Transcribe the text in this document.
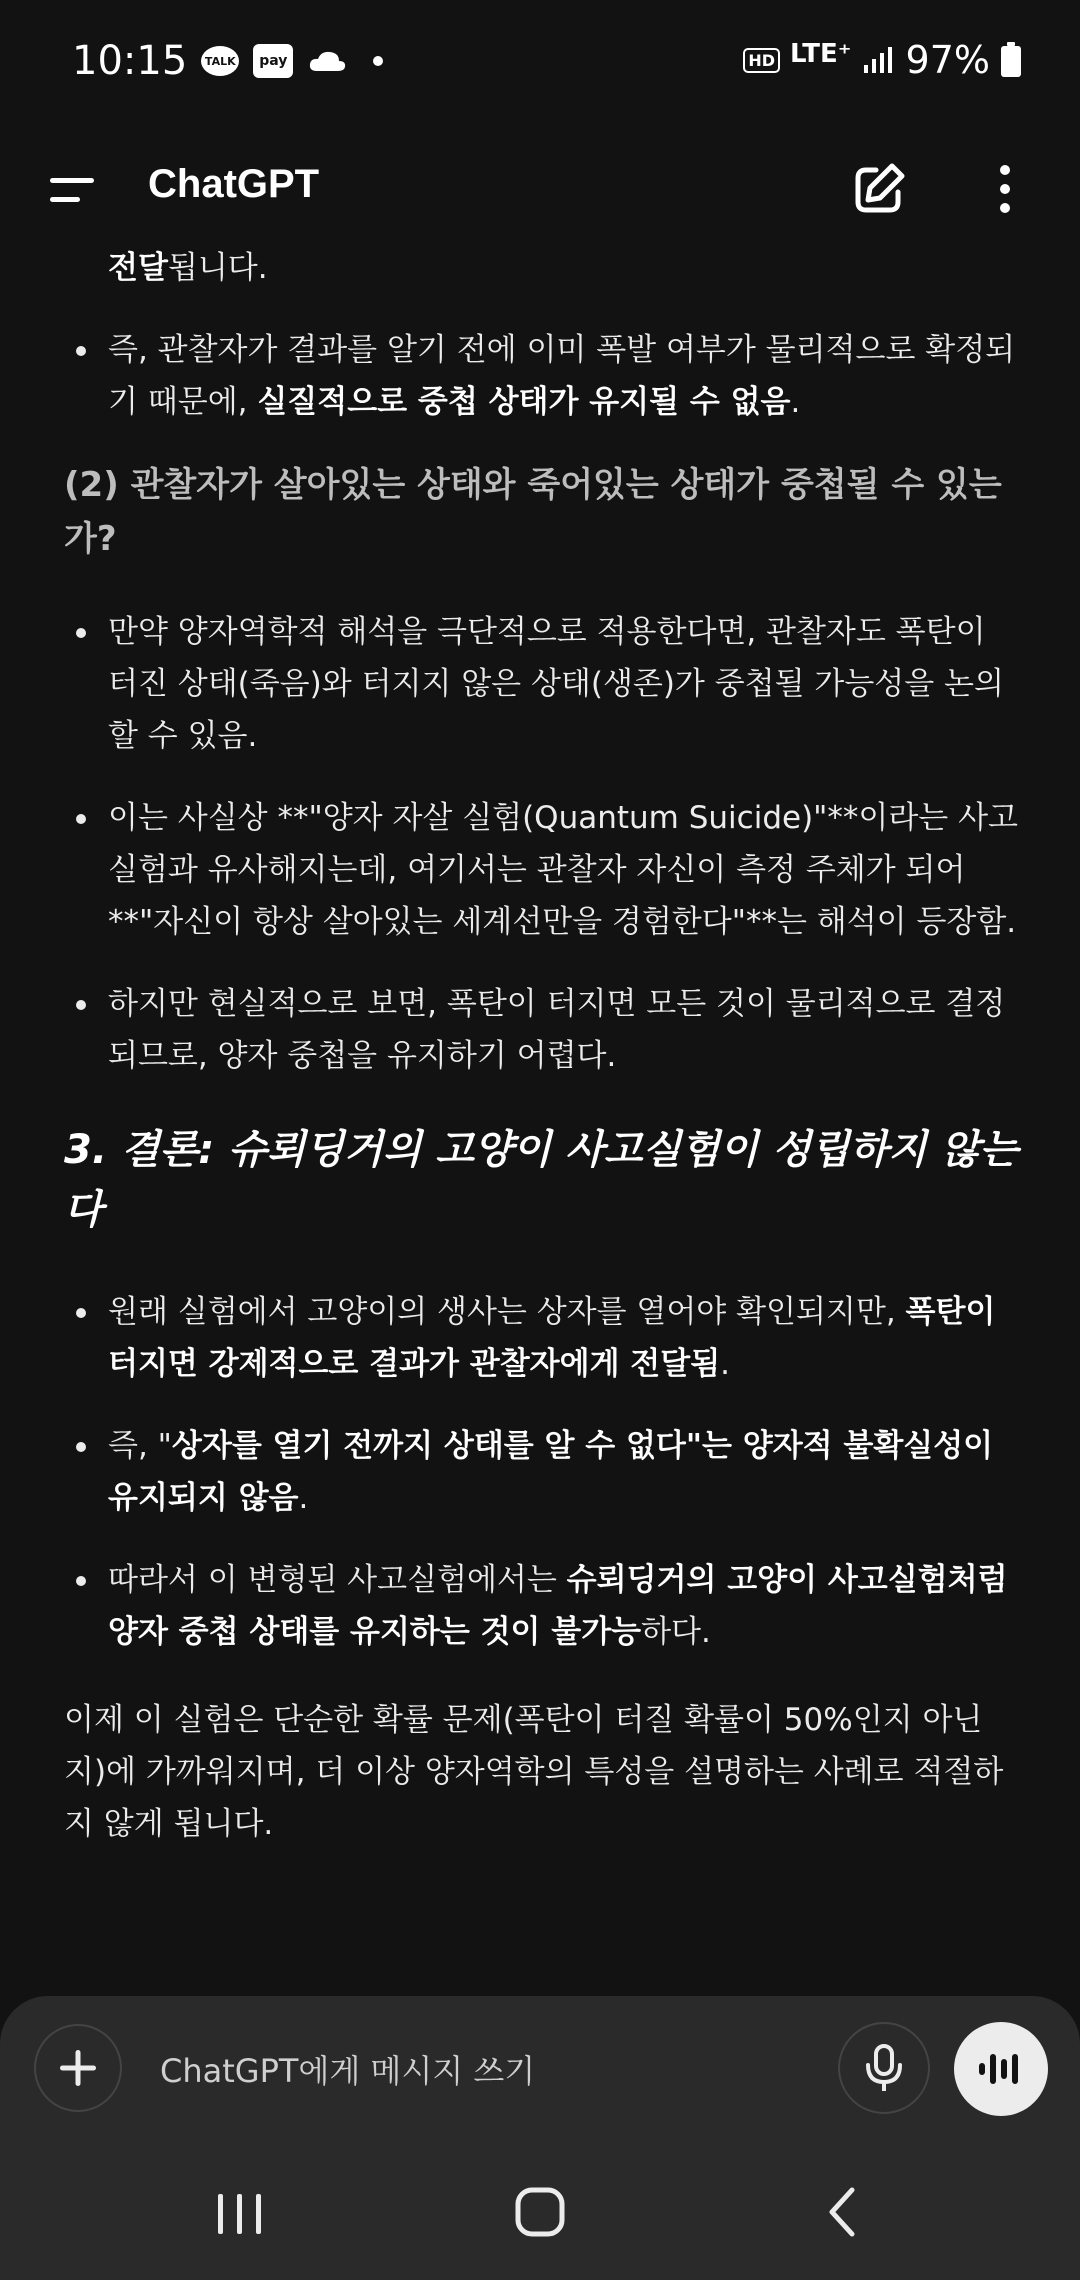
10:15	TALK	pay	HD LTE⁺ 97%
ChatGPT
전달됩니다.
즉, 관찰자가 결과를 알기 전에 이미 폭발 여부가 물리적으로 확정되기 때문에, 실질적으로 중첩 상태가 유지될 수 없음.
(2) 관찰자가 살아있는 상태와 죽어있는 상태가 중첩될 수 있는가?
만약 양자역학적 해석을 극단적으로 적용한다면, 관찰자도 폭탄이 터진 상태(죽음)와 터지지 않은 상태(생존)가 중첩될 가능성을 논의할 수 있음.
이는 사실상 **"양자 자살 실험(Quantum Suicide)"**이라는 사고실험과 유사해지는데, 여기서는 관찰자 자신이 측정 주체가 되어 **"자신이 항상 살아있는 세계선만을 경험한다"**는 해석이 등장함.
하지만 현실적으로 보면, 폭탄이 터지면 모든 것이 물리적으로 결정되므로, 양자 중첩을 유지하기 어렵다.
3. 결론: 슈뢰딩거의 고양이 사고실험이 성립하지 않는다
원래 실험에서 고양이의 생사는 상자를 열어야 확인되지만, 폭탄이 터지면 강제적으로 결과가 관찰자에게 전달됨.
즉, "상자를 열기 전까지 상태를 알 수 없다"는 양자적 불확실성이 유지되지 않음.
따라서 이 변형된 사고실험에서는 슈뢰딩거의 고양이 사고실험처럼 양자 중첩 상태를 유지하는 것이 불가능하다.
이제 이 실험은 단순한 확률 문제(폭탄이 터질 확률이 50%인지 아닌지)에 가까워지며, 더 이상 양자역학의 특성을 설명하는 사례로 적절하지 않게 됩니다.
ChatGPT에게 메시지 쓰기
